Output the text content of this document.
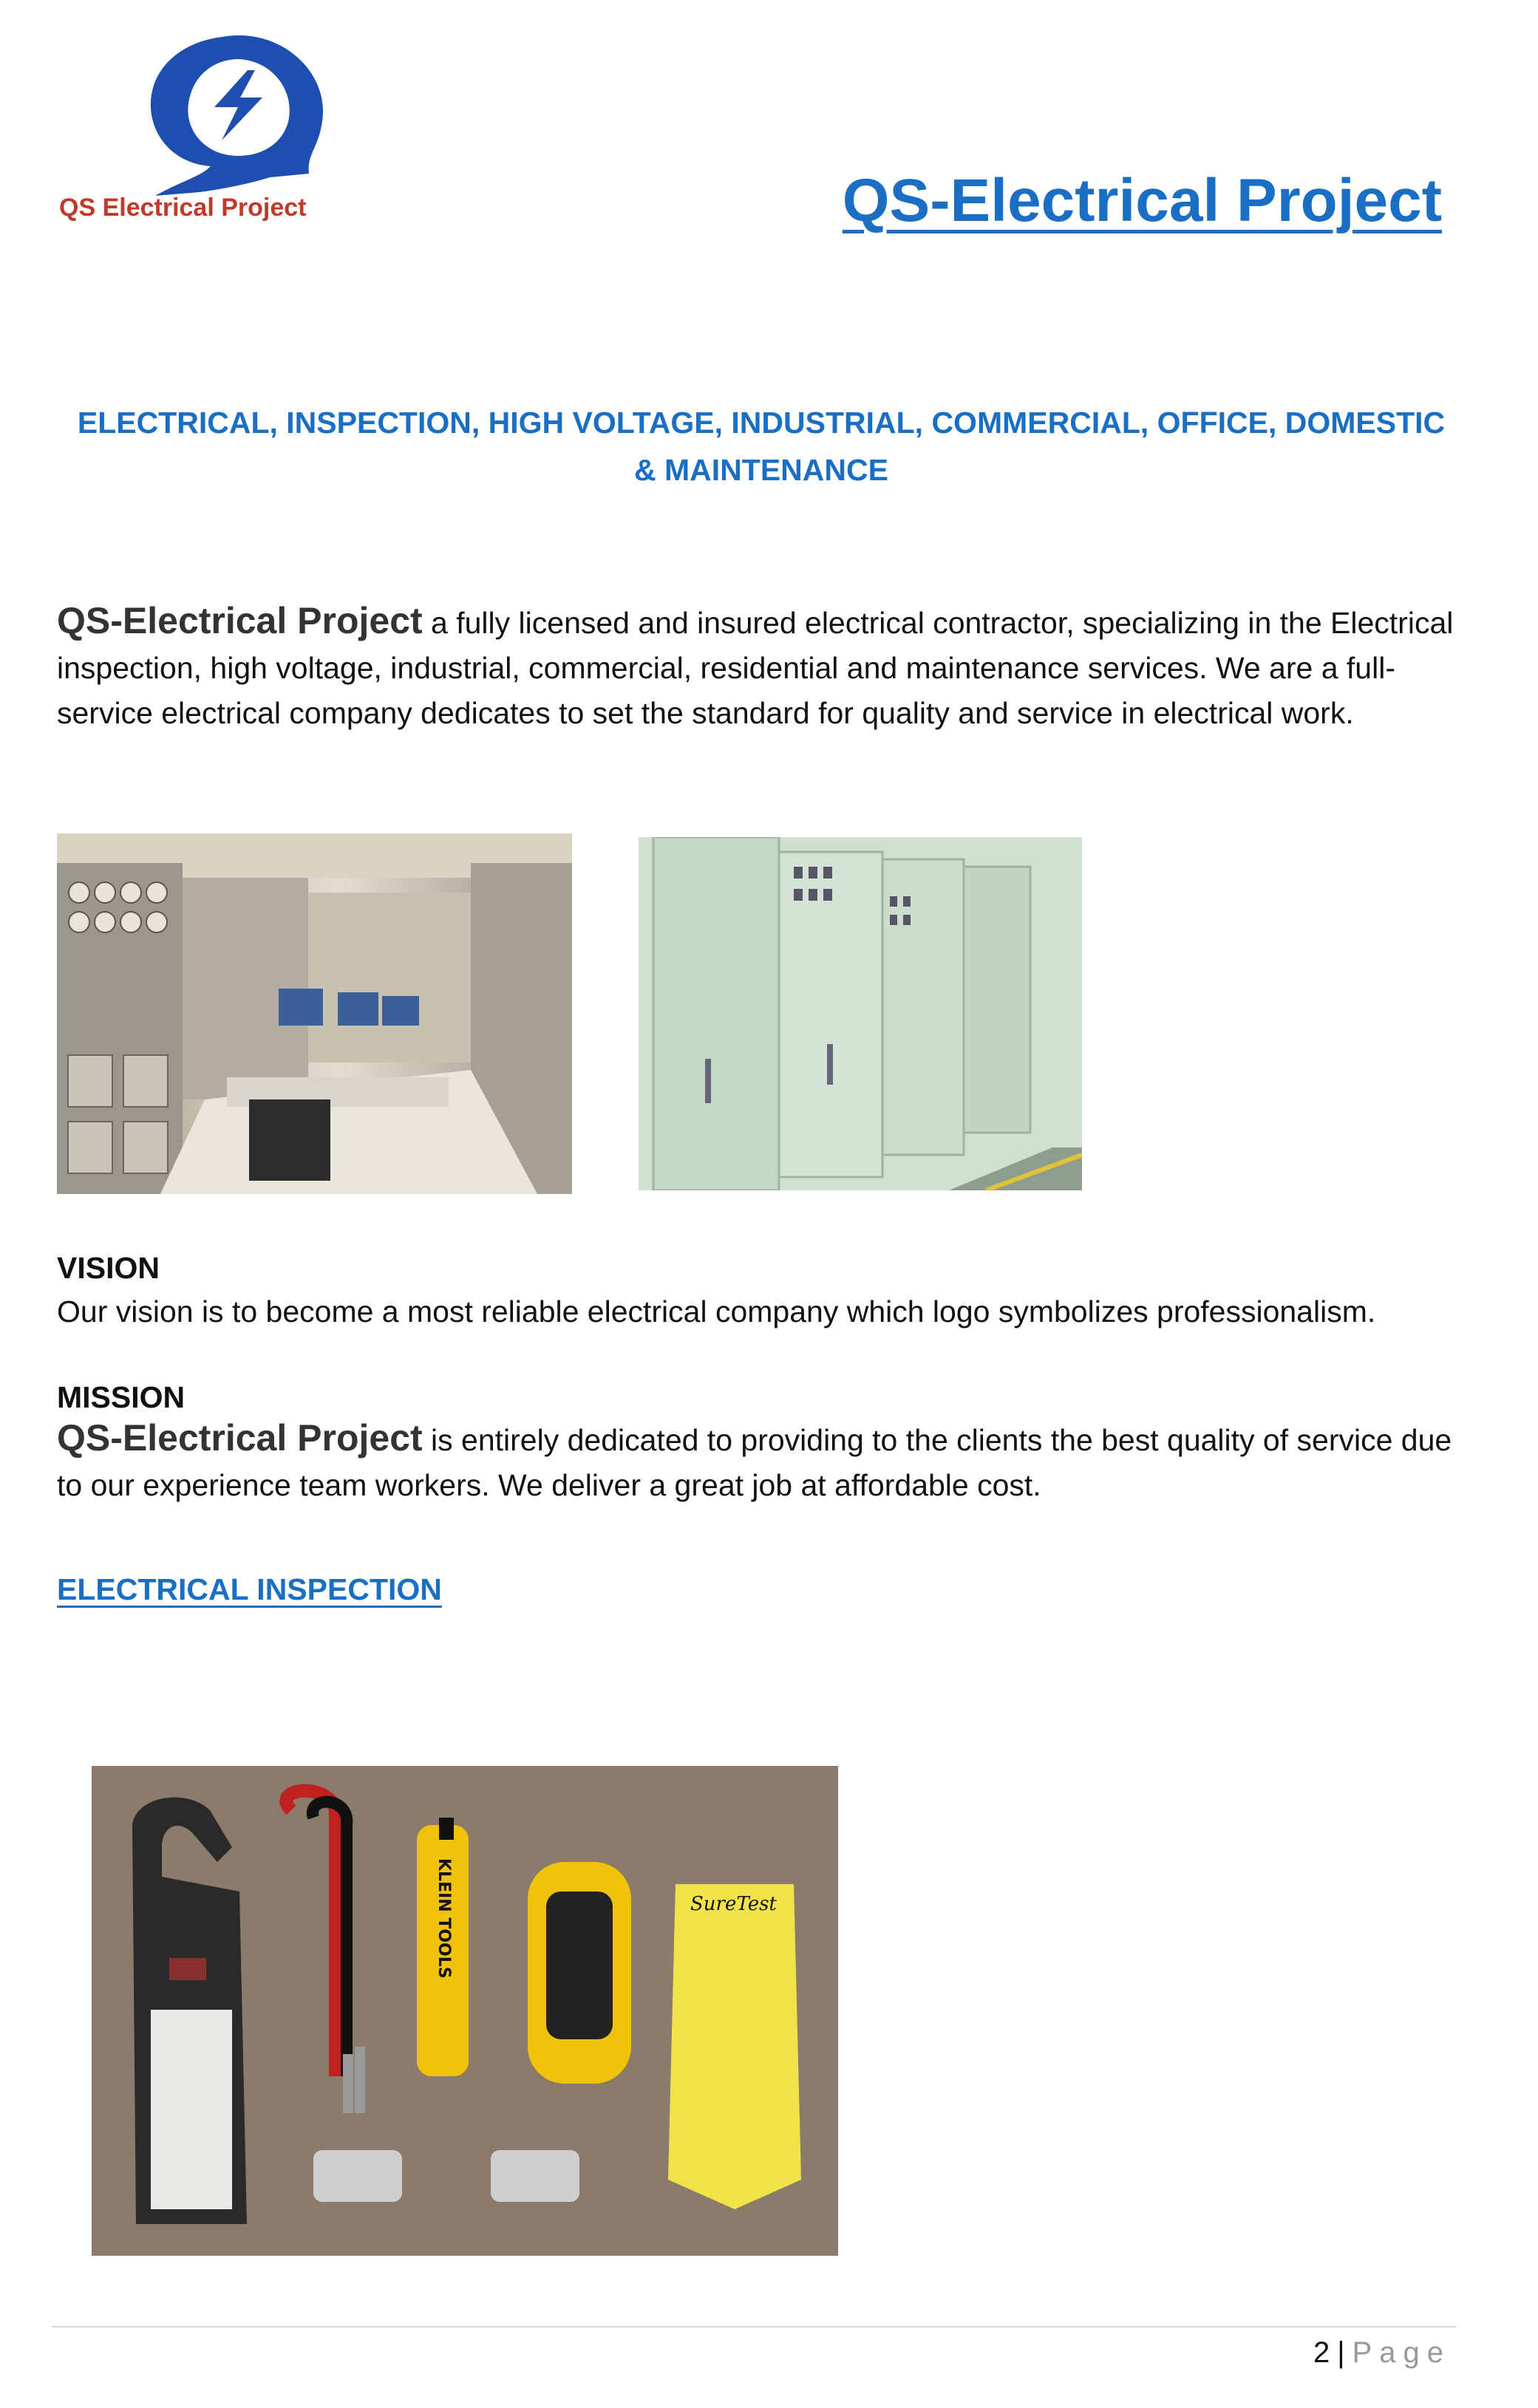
QS Electrical Project	QS-Electrical Project
ELECTRICAL, INSPECTION, HIGH VOLTAGE, INDUSTRIAL, COMMERCIAL, OFFICE, DOMESTIC
& MAINTENANCE
QS-Electrical Project a fully licensed and insured electrical contractor, specializing in the Electrical inspection, high voltage, industrial, commercial, residential and maintenance services. We are a full-service electrical company dedicates to set the standard for quality and service in electrical work.
VISION
Our vision is to become a most reliable electrical company which logo symbolizes professionalism.
MISSION
QS-Electrical Project is entirely dedicated to providing to the clients the best quality of service due to our experience team workers. We deliver a great job at affordable cost.
ELECTRICAL INSPECTION
KLEIN TOOLS	SureTest
2 | Page
